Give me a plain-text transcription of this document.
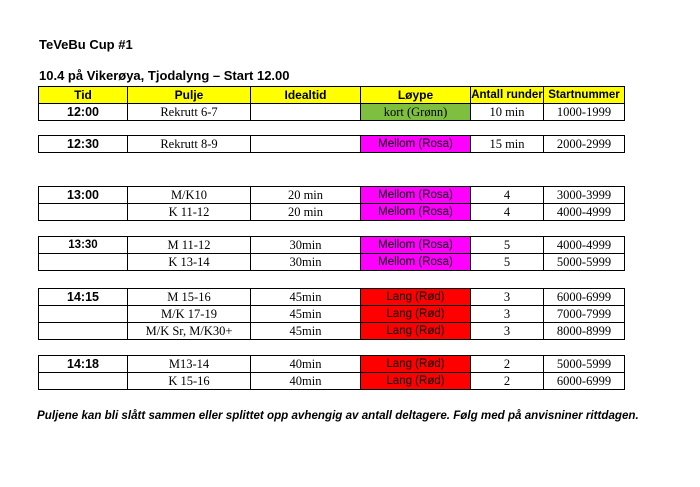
TeVeBu Cup #1
10.4 på Vikerøya, Tjodalyng – Start 12.00
Tid	Pulje	Idealtid	Løype	Antall runder	Startnummer
12:00	Rekrutt 6-7		kort (Grønn)	10 min	1000-1999
12:30	Rekrutt 8-9		Mellom (Rosa)	15 min	2000-2999
13:00	M/K10	20 min	Mellom (Rosa)	4	3000-3999
	K 11-12	20 min	Mellom (Rosa)	4	4000-4999
13:30	M 11-12	30min	Mellom (Rosa)	5	4000-4999
	K 13-14	30min	Mellom (Rosa)	5	5000-5999
14:15	M 15-16	45min	Lang (Rød)	3	6000-6999
	M/K 17-19	45min	Lang (Rød)	3	7000-7999
	M/K Sr, M/K30+	45min	Lang (Rød)	3	8000-8999
14:18	M13-14	40min	Lang (Rød)	2	5000-5999
	K 15-16	40min	Lang (Rød)	2	6000-6999
Puljene kan bli slått sammen eller splittet opp avhengig av antall deltagere. Følg med på anvisniner rittdagen.
